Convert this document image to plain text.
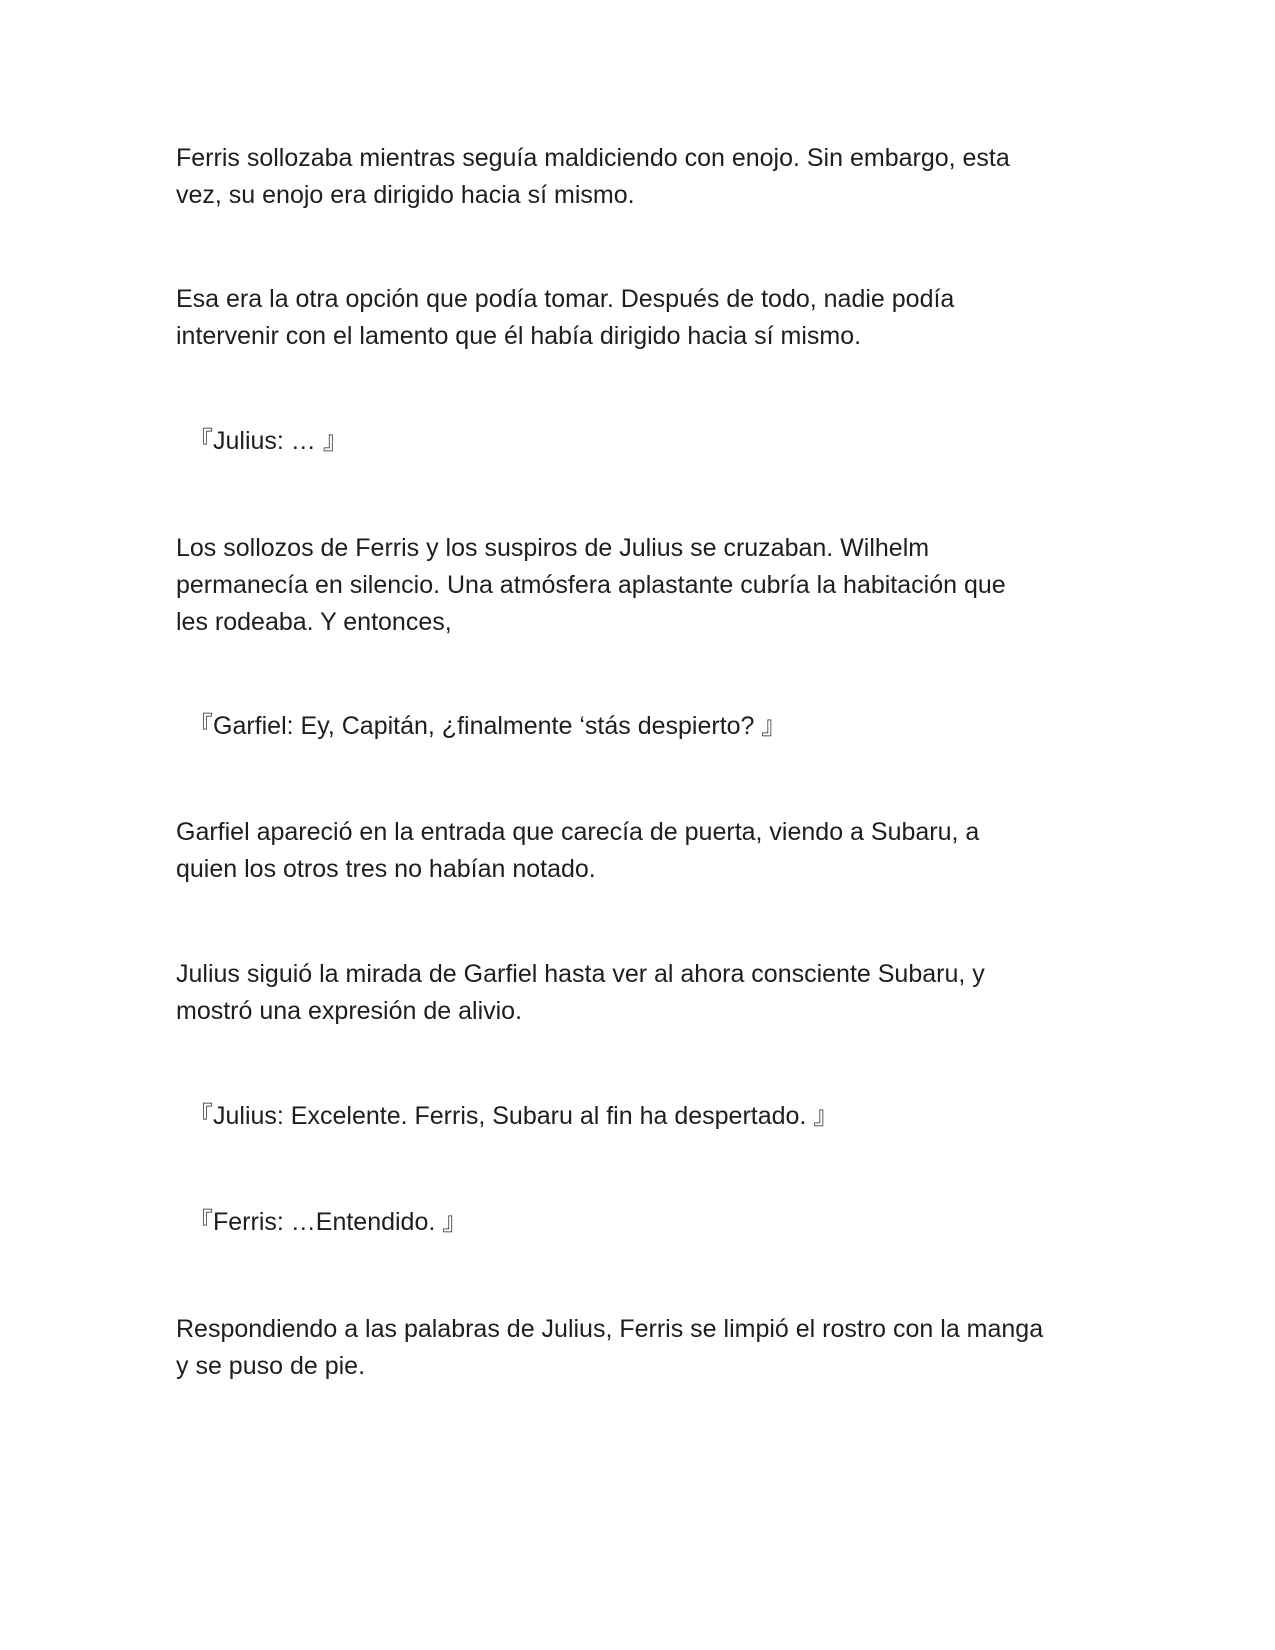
Ferris sollozaba mientras seguía maldiciendo con enojo. Sin embargo, esta
vez, su enojo era dirigido hacia sí mismo.

Esa era la otra opción que podía tomar. Después de todo, nadie podía
intervenir con el lamento que él había dirigido hacia sí mismo.

『Julius: … 』

Los sollozos de Ferris y los suspiros de Julius se cruzaban. Wilhelm
permanecía en silencio. Una atmósfera aplastante cubría la habitación que
les rodeaba. Y entonces,

『Garfiel: Ey, Capitán, ¿finalmente ‘stás despierto? 』

Garfiel apareció en la entrada que carecía de puerta, viendo a Subaru, a
quien los otros tres no habían notado.

Julius siguió la mirada de Garfiel hasta ver al ahora consciente Subaru, y
mostró una expresión de alivio.

『Julius: Excelente. Ferris, Subaru al fin ha despertado. 』

『Ferris: …Entendido. 』

Respondiendo a las palabras de Julius, Ferris se limpió el rostro con la manga
y se puso de pie.
